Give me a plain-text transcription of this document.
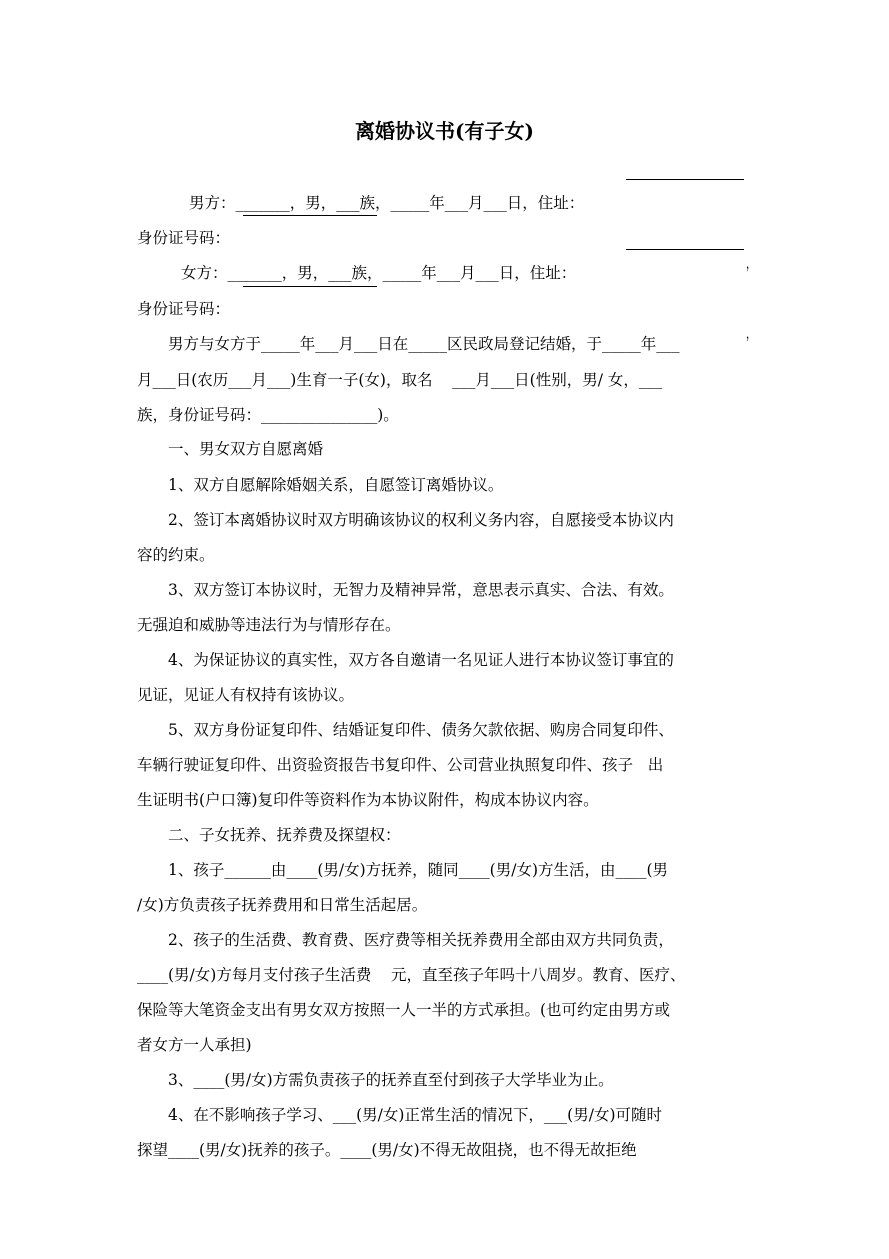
离婚协议书(有子女)

男方：_______，男，___族，_____年___月___日，住址：

，

身份证号码：

女方：_______，男，___族，_____年___月___日，住址：

，

身份证号码：

男方与女方于_____年___月___日在_____区民政局登记结婚，于_____年___

月___日(农历___月___)生育一子(女)，取名    ___月___日(性别，男/ 女，___

族，身份证号码：_______________)。

一、男女双方自愿离婚

1、双方自愿解除婚姻关系，自愿签订离婚协议。

2、签订本离婚协议时双方明确该协议的权利义务内容，自愿接受本协议内

容的约束。

3、双方签订本协议时，无智力及精神异常，意思表示真实、合法、有效。

无强迫和威胁等违法行为与情形存在。

4、为保证协议的真实性，双方各自邀请一名见证人进行本协议签订事宜的

见证，见证人有权持有该协议。

5、双方身份证复印件、结婚证复印件、债务欠款依据、购房合同复印件、

车辆行驶证复印件、出资验资报告书复印件、公司营业执照复印件、孩子   出

生证明书(户口簿)复印件等资料作为本协议附件，构成本协议内容。

二、子女抚养、抚养费及探望权：

1、孩子______由____(男/女)方抚养，随同____(男/女)方生活，由____(男

/女)方负责孩子抚养费用和日常生活起居。

2、孩子的生活费、教育费、医疗费等相关抚养费用全部由双方共同负责，

____(男/女)方每月支付孩子生活费    元，直至孩子年吗十八周岁。教育、医疗、

保险等大笔资金支出有男女双方按照一人一半的方式承担。(也可约定由男方或

者女方一人承担)

3、____(男/女)方需负责孩子的抚养直至付到孩子大学毕业为止。

4、在不影响孩子学习、___(男/女)正常生活的情况下，___(男/女)可随时

探望____(男/女)抚养的孩子。____(男/女)不得无故阻挠，也不得无故拒绝
